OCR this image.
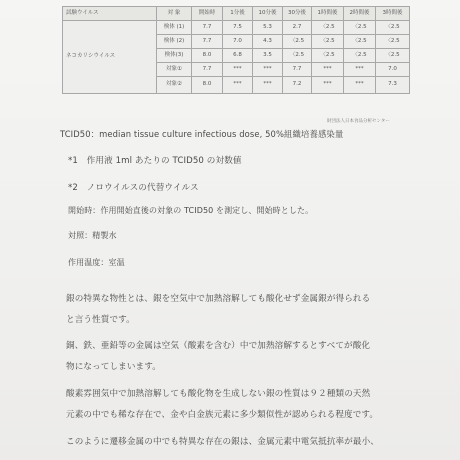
試験ウイルス	対 象	開始時	1分後	10分後	30分後	1時間後	2時間後	3時間後
ネコカリシウイルス	検体 (1)	7.7	7.5	5.3	2.7	〈2.5	〈2.5	〈2.5
	検体 (2)	7.7	7.0	4.3	〈2.5	〈2.5	〈2.5	〈2.5
	検体(3)	8.0	6.8	3.5	〈2.5	〈2.5	〈2.5	〈2.5
	対象①	7.7	***	***	7.7	***	***	7.0
	対象②	8.0	***	***	7.2	***	***	7.3
財団法人日本食品分析センター
TCID50：median tissue culture infectious dose, 50%組織培養感染量
*1　作用液 1ml あたりの TCID50 の対数値
*2　ノロウイルスの代替ウイルス
開始時：作用開始直後の対象の TCID50 を測定し、開始時とした。
対照：精製水
作用温度：室温
銀の特異な物性とは、銀を空気中で加熱溶解しても酸化せず金属銀が得られる
と言う性質です。
銅、鉄、亜鉛等の金属は空気（酸素を含む）中で加熱溶解するとすべてが酸化
物になってしまいます。
酸素雰囲気中で加熱溶解しても酸化物を生成しない銀の性質は９２種類の天然
元素の中でも稀な存在で、金や白金族元素に多少類似性が認められる程度です。
このように遷移金属の中でも特異な存在の銀は、金属元素中電気抵抗率が最小、
